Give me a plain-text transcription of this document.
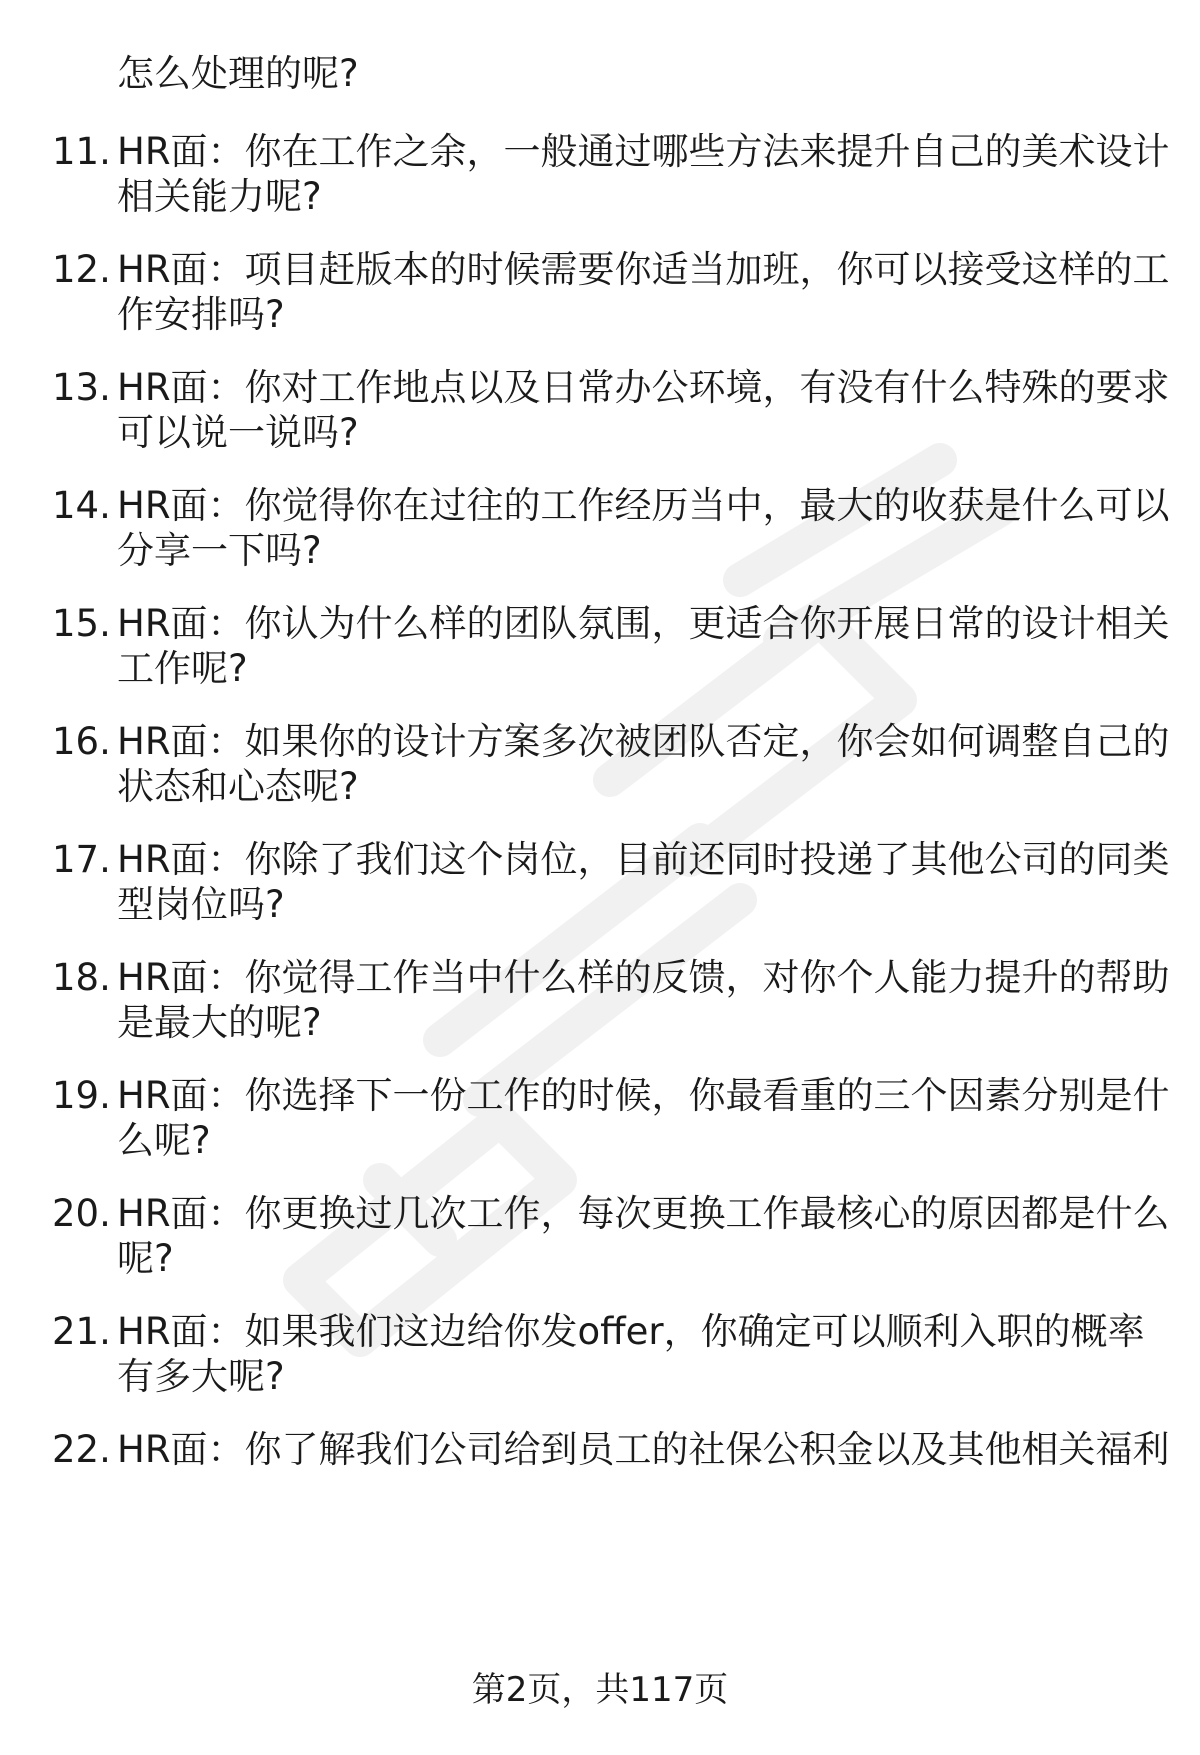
怎么处理的呢?
11. HR面：你在工作之余，一般通过哪些方法来提升自己的美术设计
相关能力呢?
12. HR面：项目赶版本的时候需要你适当加班，你可以接受这样的工
作安排吗?
13. HR面：你对工作地点以及日常办公环境，有没有什么特殊的要求
可以说一说吗?
14. HR面：你觉得你在过往的工作经历当中，最大的收获是什么可以
分享一下吗?
15. HR面：你认为什么样的团队氛围，更适合你开展日常的设计相关
工作呢?
16. HR面：如果你的设计方案多次被团队否定，你会如何调整自己的
状态和心态呢?
17. HR面：你除了我们这个岗位，目前还同时投递了其他公司的同类
型岗位吗?
18. HR面：你觉得工作当中什么样的反馈，对你个人能力提升的帮助
是最大的呢?
19. HR面：你选择下一份工作的时候，你最看重的三个因素分别是什
么呢?
20. HR面：你更换过几次工作，每次更换工作最核心的原因都是什么
呢?
21. HR面：如果我们这边给你发offer，你确定可以顺利入职的概率
有多大呢?
22. HR面：你了解我们公司给到员工的社保公积金以及其他相关福利
第2页，共117页
